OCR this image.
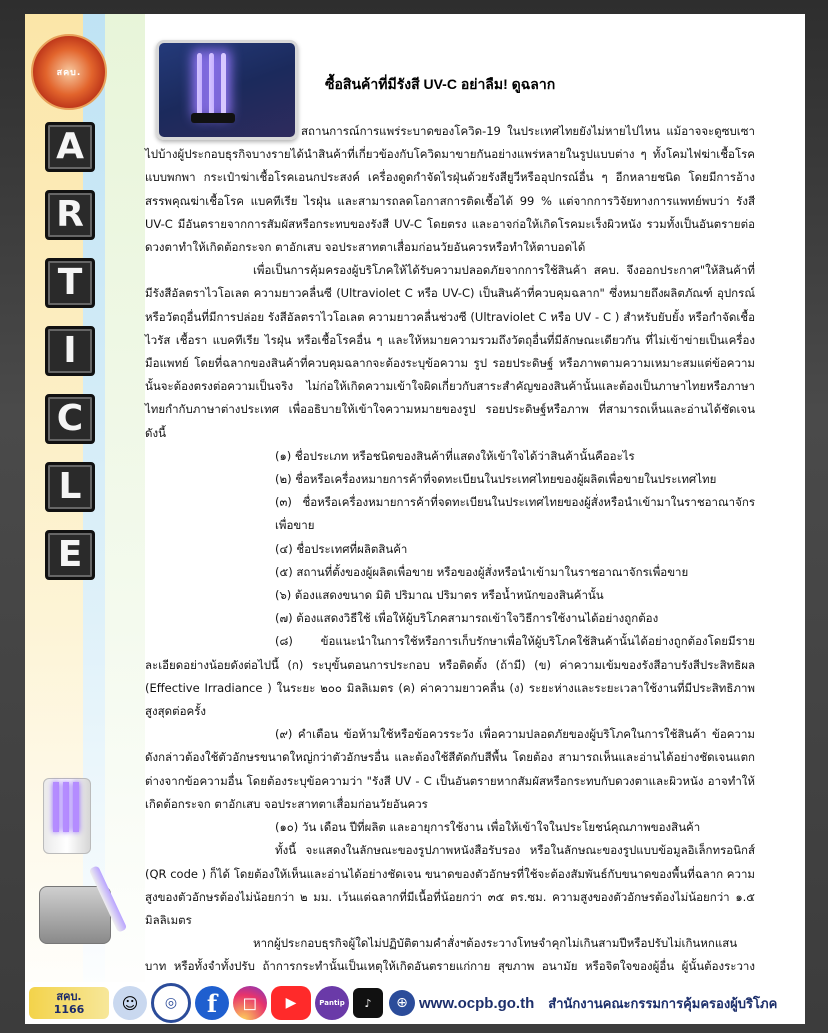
สคบ.
A
R
T
I
C
L
E
ซื้อสินค้าที่มีรังสี UV-C อย่าลืม! ดูฉลาก

สถานการณ์การแพร่ระบาดของโควิด-19 ในประเทศไทยยังไม่หายไปไหน แม้อาจจะดูซบเซาไปบ้างผู้ประกอบธุรกิจบางรายได้นำสินค้าที่เกี่ยวข้องกับโควิดมาขายกันอย่างแพร่หลายในรูปแบบต่าง ๆ ทั้งโคมไฟฆ่าเชื้อโรคแบบพกพา กระเป๋าฆ่าเชื้อโรคเอนกประสงค์ เครื่องดูดกำจัดไรฝุ่นด้วยรังสียูวีหรืออุปกรณ์อื่น ๆ อีกหลายชนิด โดยมีการอ้างสรรพคุณฆ่าเชื้อโรค แบคทีเรีย ไรฝุ่น และสามารถลดโอกาสการติดเชื้อได้ 99 % แต่จากการวิจัยทางการแพทย์พบว่า รังสี UV-C มีอันตรายจากการสัมผัสหรือกระทบของรังสี UV-C โดยตรง และอาจก่อให้เกิดโรคมะเร็งผิวหนัง รวมทั้งเป็นอันตรายต่อดวงตาทำให้เกิดต้อกระจก ตาอักเสบ จอประสาทตาเสื่อมก่อนวัยอันควรหรือทำให้ตาบอดได้

เพื่อเป็นการคุ้มครองผู้บริโภคให้ได้รับความปลอดภัยจากการใช้สินค้า สคบ. จึงออกประกาศ"ให้สินค้าที่มีรังสีอัลตราไวโอเลต ความยาวคลื่นซี (Ultraviolet C หรือ UV-C) เป็นสินค้าที่ควบคุมฉลาก" ซึ่งหมายถึงผลิตภัณฑ์ อุปกรณ์หรือวัตถุอื่นที่มีการปล่อย รังสีอัลตราไวโอเลต ความยาวคลื่นช่วงซี (Ultraviolet C หรือ UV - C ) สำหรับยับยั้ง หรือกำจัดเชื้อไวรัส เชื้อรา แบคทีเรีย ไรฝุ่น หรือเชื้อโรคอื่น ๆ และให้หมายความรวมถึงวัตถุอื่นที่มีลักษณะเดียวกัน ที่ไม่เข้าข่ายเป็นเครื่องมือแพทย์ โดยที่ฉลากของสินค้าที่ควบคุมฉลากจะต้องระบุข้อความ รูป รอยประดิษฐ์ หรือภาพตามความเหมาะสมแต่ข้อความนั้นจะต้องตรงต่อความเป็นจริง ไม่ก่อให้เกิดความเข้าใจผิดเกี่ยวกับสาระสำคัญของสินค้านั้นและต้องเป็นภาษาไทยหรือภาษาไทยกำกับภาษาต่างประเทศ เพื่ออธิบายให้เข้าใจความหมายของรูป รอยประดิษฐ์หรือภาพ ที่สามารถเห็นและอ่านได้ชัดเจน ดังนี้

(๑) ชื่อประเภท หรือชนิดของสินค้าที่แสดงให้เข้าใจได้ว่าสินค้านั้นคืออะไร

(๒) ชื่อหรือเครื่องหมายการค้าที่จดทะเบียนในประเทศไทยของผู้ผลิตเพื่อขายในประเทศไทย

(๓) ชื่อหรือเครื่องหมายการค้าที่จดทะเบียนในประเทศไทยของผู้สั่งหรือนำเข้ามาในราชอาณาจักร เพื่อขาย

(๔) ชื่อประเทศที่ผลิตสินค้า

(๕) สถานที่ตั้งของผู้ผลิตเพื่อขาย หรือของผู้สั่งหรือนำเข้ามาในราชอาณาจักรเพื่อขาย

(๖) ต้องแสดงขนาด มิติ ปริมาณ ปริมาตร หรือน้ำหนักของสินค้านั้น

(๗) ต้องแสดงวิธีใช้ เพื่อให้ผู้บริโภคสามารถเข้าใจวิธีการใช้งานได้อย่างถูกต้อง

(๘) ข้อแนะนำในการใช้หรือการเก็บรักษาเพื่อให้ผู้บริโภคใช้สินค้านั้นได้อย่างถูกต้องโดยมีรายละเอียดอย่างน้อยดังต่อไปนี้ (ก) ระบุขั้นตอนการประกอบ หรือติดตั้ง (ถ้ามี) (ข) ค่าความเข้มของรังสีอาบรังสีประสิทธิผล (Effective Irradiance ) ในระยะ ๒๐๐ มิลลิเมตร (ค) ค่าความยาวคลื่น (ง) ระยะห่างและระยะเวลาใช้งานที่มีประสิทธิภาพสูงสุดต่อครั้ง

(๙) คำเตือน ข้อห้ามใช้หรือข้อควรระวัง เพื่อความปลอดภัยของผู้บริโภคในการใช้สินค้า ข้อความดังกล่าวต้องใช้ตัวอักษรขนาดใหญ่กว่าตัวอักษรอื่น และต้องใช้สีตัดกับสีพื้น โดยต้อง สามารถเห็นและอ่านได้อย่างชัดเจนแตกต่างจากข้อความอื่น โดยต้องระบุข้อความว่า "รังสี UV - C เป็นอันตรายหากสัมผัสหรือกระทบกับดวงตาและผิวหนัง อาจทำให้เกิดต้อกระจก ตาอักเสบ จอประสาทตาเสื่อมก่อนวัยอันควร

(๑๐) วัน เดือน ปีที่ผลิต และอายุการใช้งาน เพื่อให้เข้าใจในประโยชน์คุณภาพของสินค้า

ทั้งนี้ จะแสดงในลักษณะของรูปภาพหนังสือรับรอง หรือในลักษณะของรูปแบบข้อมูลอิเล็กทรอนิกส์ (QR code ) ก็ได้ โดยต้องให้เห็นและอ่านได้อย่างชัดเจน ขนาดของตัวอักษรที่ใช้จะต้องสัมพันธ์กับขนาดของพื้นที่ฉลาก ความสูงของตัวอักษรต้องไม่น้อยกว่า ๒ มม. เว้นแต่ฉลากที่มีเนื้อที่น้อยกว่า ๓๕ ตร.ซม. ความสูงของตัวอักษรต้องไม่น้อยกว่า ๑.๕ มิลลิเมตร

หากผู้ประกอบธุรกิจผู้ใดไม่ปฏิบัติตามคำสั่งฯต้องระวางโทษจำคุกไม่เกินสามปีหรือปรับไม่เกินหกแสนบาท หรือทั้งจำทั้งปรับ ถ้าการกระทำนั้นเป็นเหตุให้เกิดอันตรายแก่กาย สุขภาพ อนามัย หรือจิตใจของผู้อื่น ผู้นั้นต้องระวาง

สคบ.
1166	☺	◎	f	◻	▶	Pantip	♪	⊕ www.ocpb.go.th สำนักงานคณะกรรมการคุ้มครองผู้บริโภค
